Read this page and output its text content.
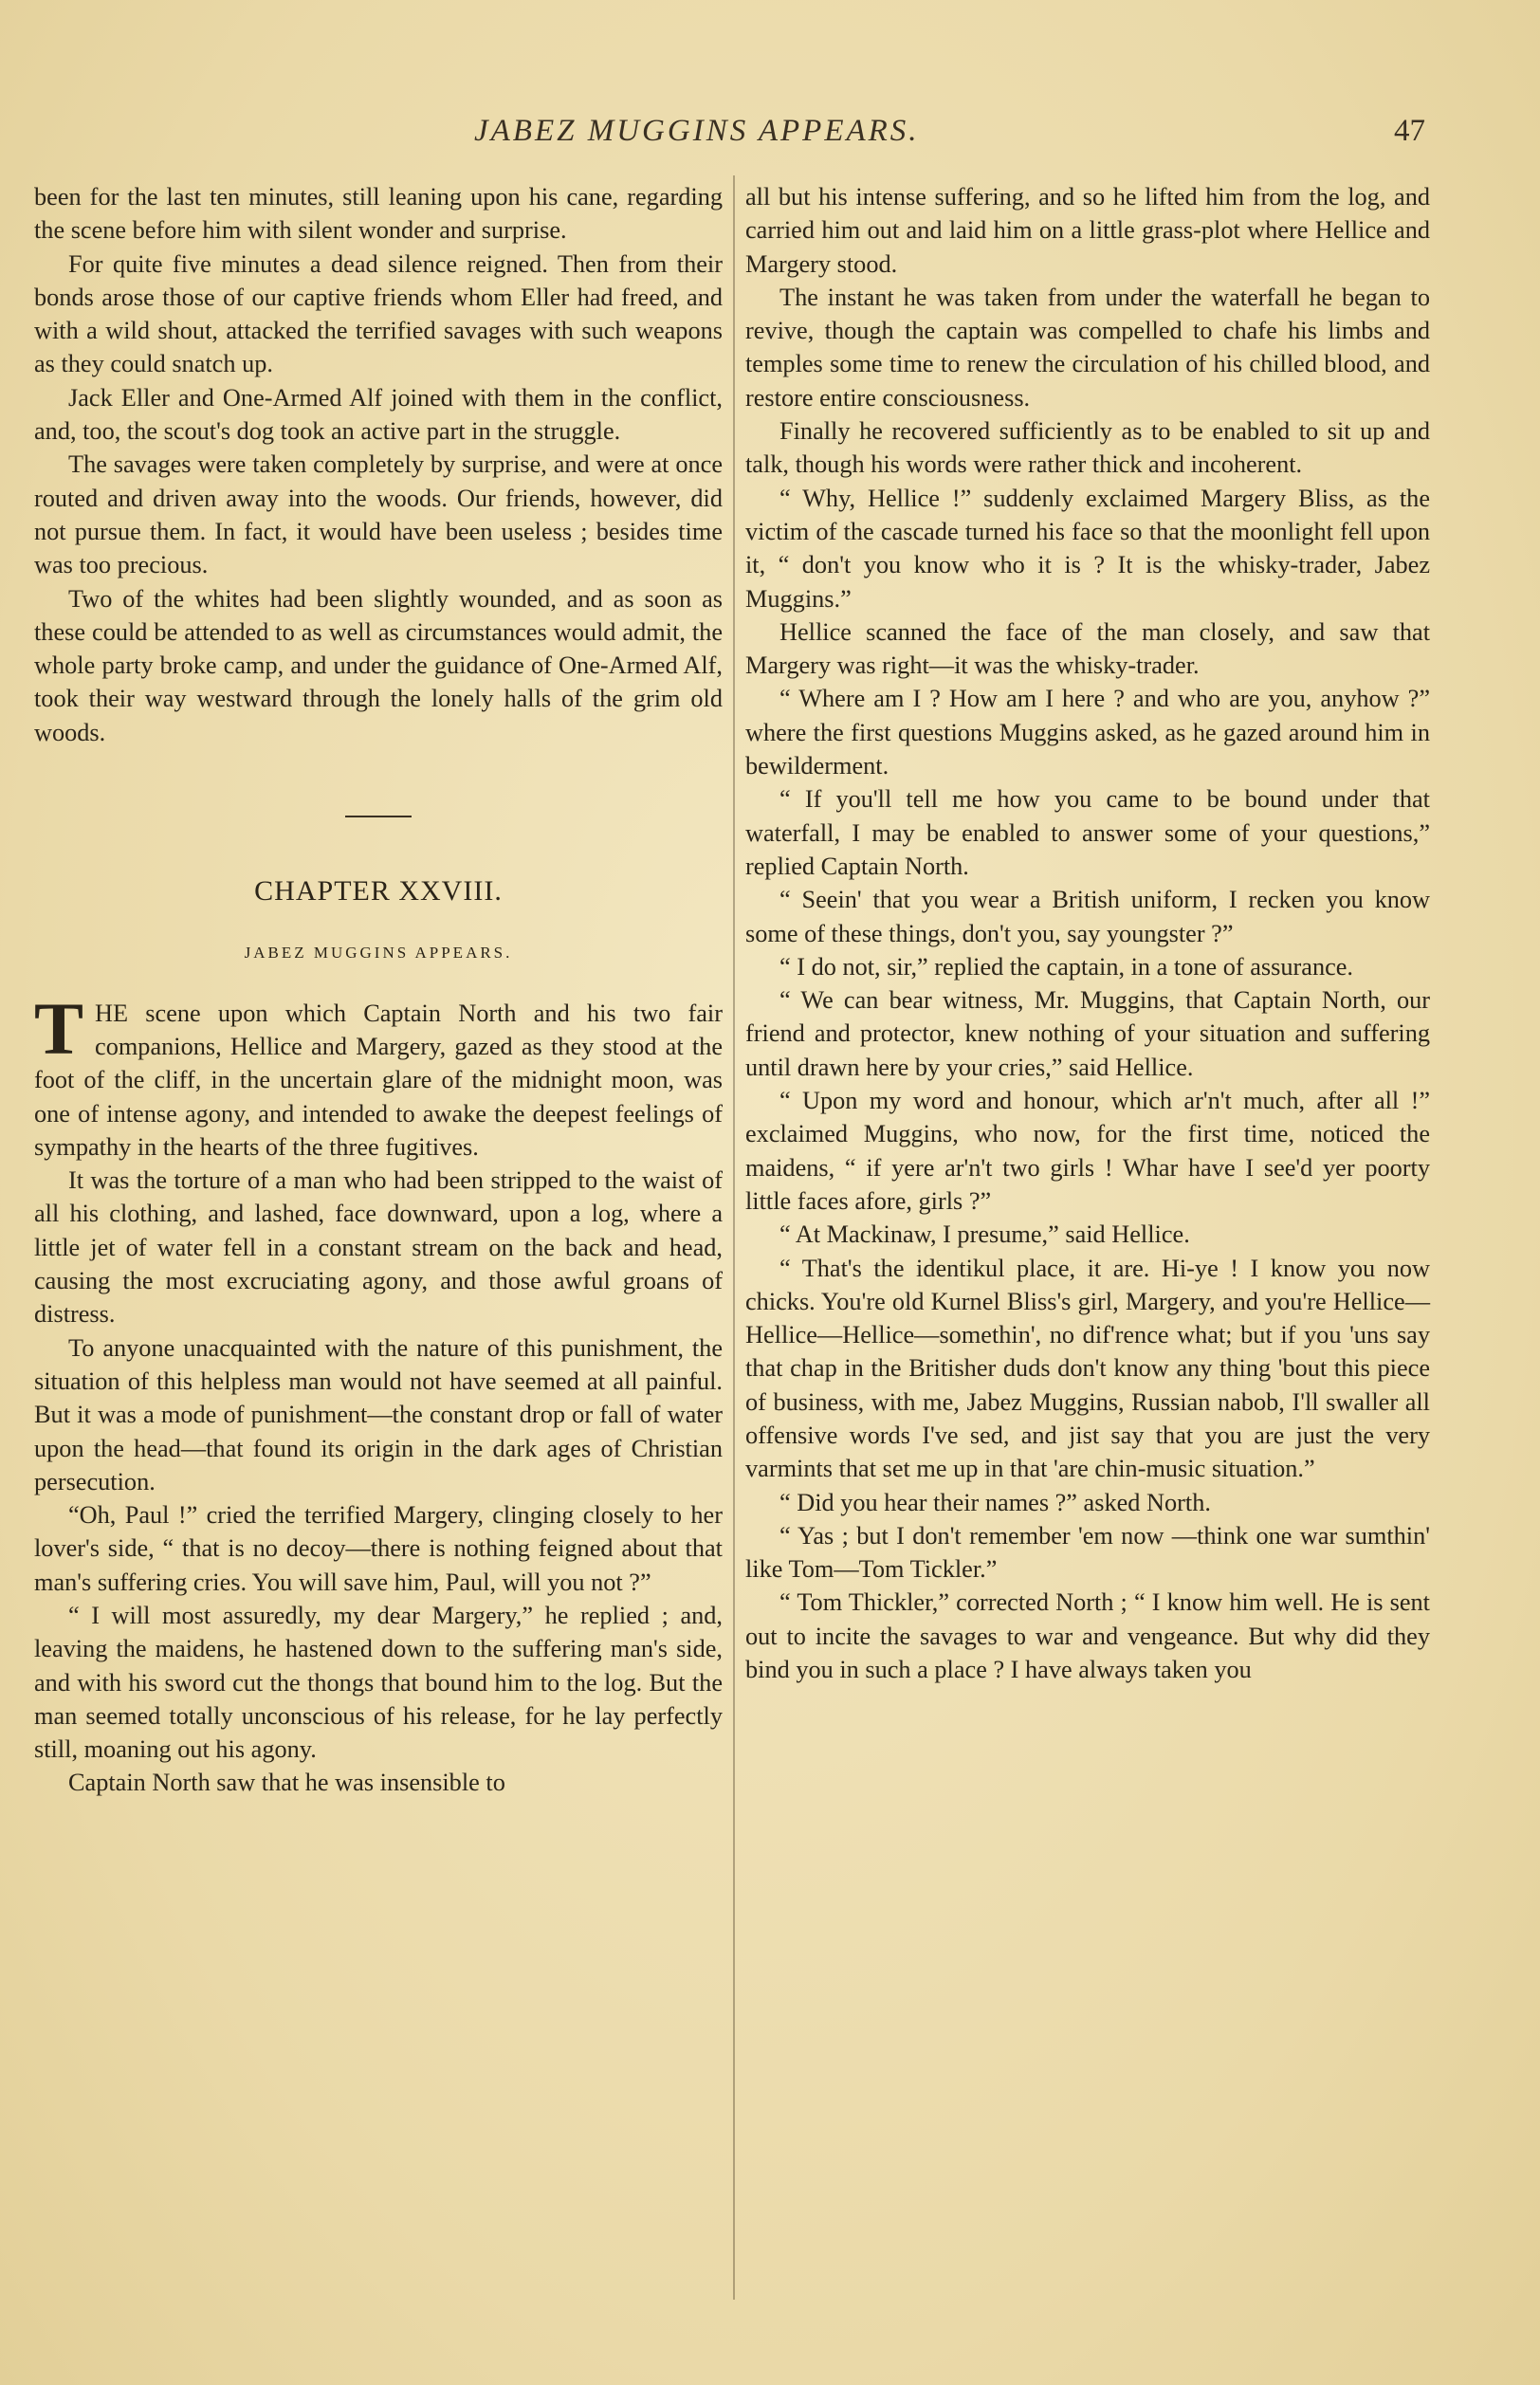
JABEZ MUGGINS APPEARS.	47

been for the last ten minutes, still leaning upon his cane, regarding the scene before him with silent wonder and surprise.

For quite five minutes a dead silence reigned. Then from their bonds arose those of our captive friends whom Eller had freed, and with a wild shout, attacked the terrified savages with such weapons as they could snatch up.

Jack Eller and One-Armed Alf joined with them in the conflict, and, too, the scout's dog took an active part in the struggle.

The savages were taken completely by surprise, and were at once routed and driven away into the woods. Our friends, however, did not pursue them. In fact, it would have been useless ; besides time was too precious.

Two of the whites had been slightly wounded, and as soon as these could be attended to as well as circumstances would admit, the whole party broke camp, and under the guidance of One-Armed Alf, took their way westward through the lonely halls of the grim old woods.

CHAPTER XXVIII.

JABEZ MUGGINS APPEARS.

THE scene upon which Captain North and his two fair companions, Hellice and Margery, gazed as they stood at the foot of the cliff, in the uncertain glare of the midnight moon, was one of intense agony, and intended to awake the deepest feelings of sympathy in the hearts of the three fugitives.

It was the torture of a man who had been stripped to the waist of all his clothing, and lashed, face downward, upon a log, where a little jet of water fell in a constant stream on the back and head, causing the most excruciating agony, and those awful groans of distress.

To anyone unacquainted with the nature of this punishment, the situation of this helpless man would not have seemed at all painful. But it was a mode of punishment—the constant drop or fall of water upon the head—that found its origin in the dark ages of Christian persecution.

“Oh, Paul !” cried the terrified Margery, clinging closely to her lover's side, “ that is no decoy—there is nothing feigned about that man's suffering cries. You will save him, Paul, will you not ?”

“ I will most assuredly, my dear Margery,” he replied ; and, leaving the maidens, he hastened down to the suffering man's side, and with his sword cut the thongs that bound him to the log. But the man seemed totally unconscious of his release, for he lay perfectly still, moaning out his agony.

Captain North saw that he was insensible to

all but his intense suffering, and so he lifted him from the log, and carried him out and laid him on a little grass-plot where Hellice and Margery stood.

The instant he was taken from under the waterfall he began to revive, though the captain was compelled to chafe his limbs and temples some time to renew the circulation of his chilled blood, and restore entire consciousness.

Finally he recovered sufficiently as to be enabled to sit up and talk, though his words were rather thick and incoherent.

“ Why, Hellice !” suddenly exclaimed Margery Bliss, as the victim of the cascade turned his face so that the moonlight fell upon it, “ don't you know who it is ? It is the whisky-trader, Jabez Muggins.”

Hellice scanned the face of the man closely, and saw that Margery was right—it was the whisky-trader.

“ Where am I ? How am I here ? and who are you, anyhow ?” where the first questions Muggins asked, as he gazed around him in bewilderment.

“ If you'll tell me how you came to be bound under that waterfall, I may be enabled to answer some of your questions,” replied Captain North.

“ Seein' that you wear a British uniform, I recken you know some of these things, don't you, say youngster ?”

“ I do not, sir,” replied the captain, in a tone of assurance.

“ We can bear witness, Mr. Muggins, that Captain North, our friend and protector, knew nothing of your situation and suffering until drawn here by your cries,” said Hellice.

“ Upon my word and honour, which ar'n't much, after all !” exclaimed Muggins, who now, for the first time, noticed the maidens, “ if yere ar'n't two girls ! Whar have I see'd yer poorty little faces afore, girls ?”

“ At Mackinaw, I presume,” said Hellice.

“ That's the identikul place, it are. Hi-ye ! I know you now chicks. You're old Kurnel Bliss's girl, Margery, and you're Hellice—Hellice—Hellice—somethin', no dif'rence what; but if you 'uns say that chap in the Britisher duds don't know any thing 'bout this piece of business, with me, Jabez Muggins, Russian nabob, I'll swaller all offensive words I've sed, and jist say that you are just the very varmints that set me up in that 'are chin-music situation.”

“ Did you hear their names ?” asked North.

“ Yas ; but I don't remember 'em now —think one war sumthin' like Tom—Tom Tickler.”

“ Tom Thickler,” corrected North ; “ I know him well. He is sent out to incite the savages to war and vengeance. But why did they bind you in such a place ? I have always taken you
